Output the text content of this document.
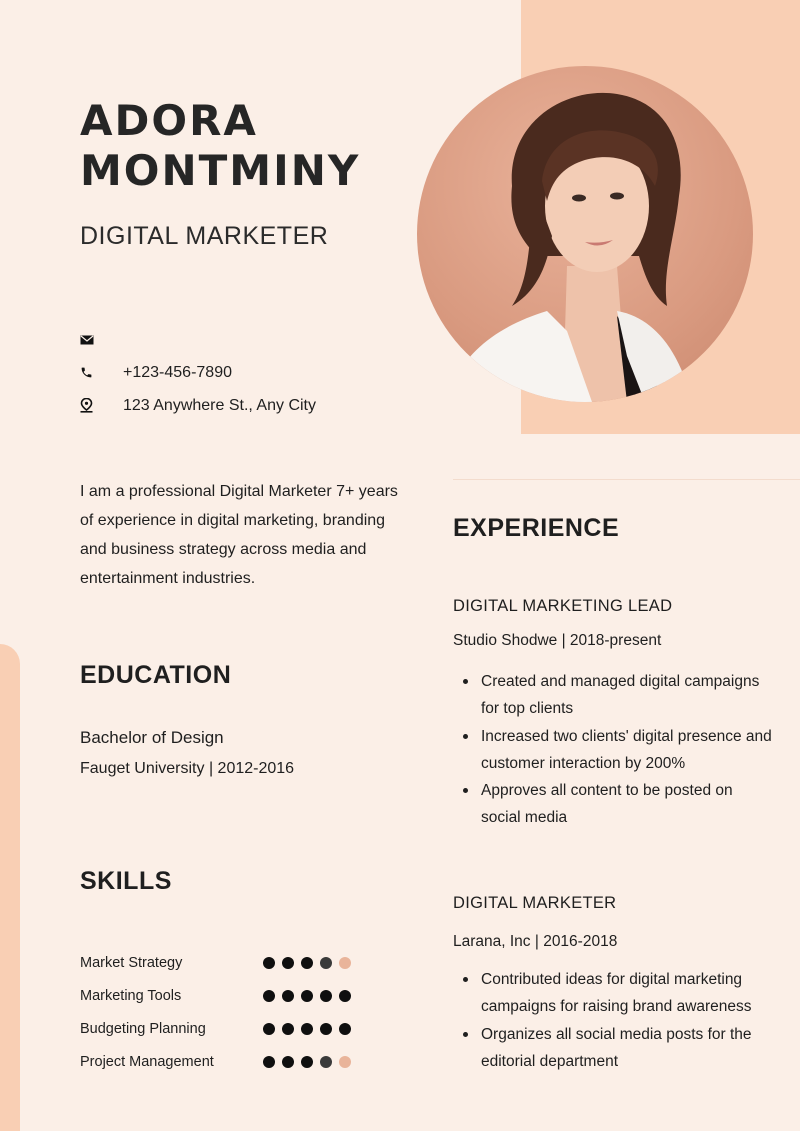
ADORA
MONTMINY
DIGITAL MARKETER
+123-456-7890
123 Anywhere St., Any City

I am a professional Digital Marketer 7+ years of experience in digital marketing, branding and business strategy across media and entertainment industries.

EDUCATION
Bachelor of Design
Fauget University | 2012-2016
SKILLS
Market Strategy
Marketing Tools
Budgeting Planning
Project Management
EXPERIENCE
DIGITAL MARKETING LEAD
Studio Shodwe | 2018-present
Created and managed digital campaigns for top clients
Increased two clients' digital presence and customer interaction by 200%
Approves all content to be posted on social media
DIGITAL MARKETER
Larana, Inc | 2016-2018
Contributed ideas for digital marketing campaigns for raising brand awareness
Organizes all social media posts for the editorial department
